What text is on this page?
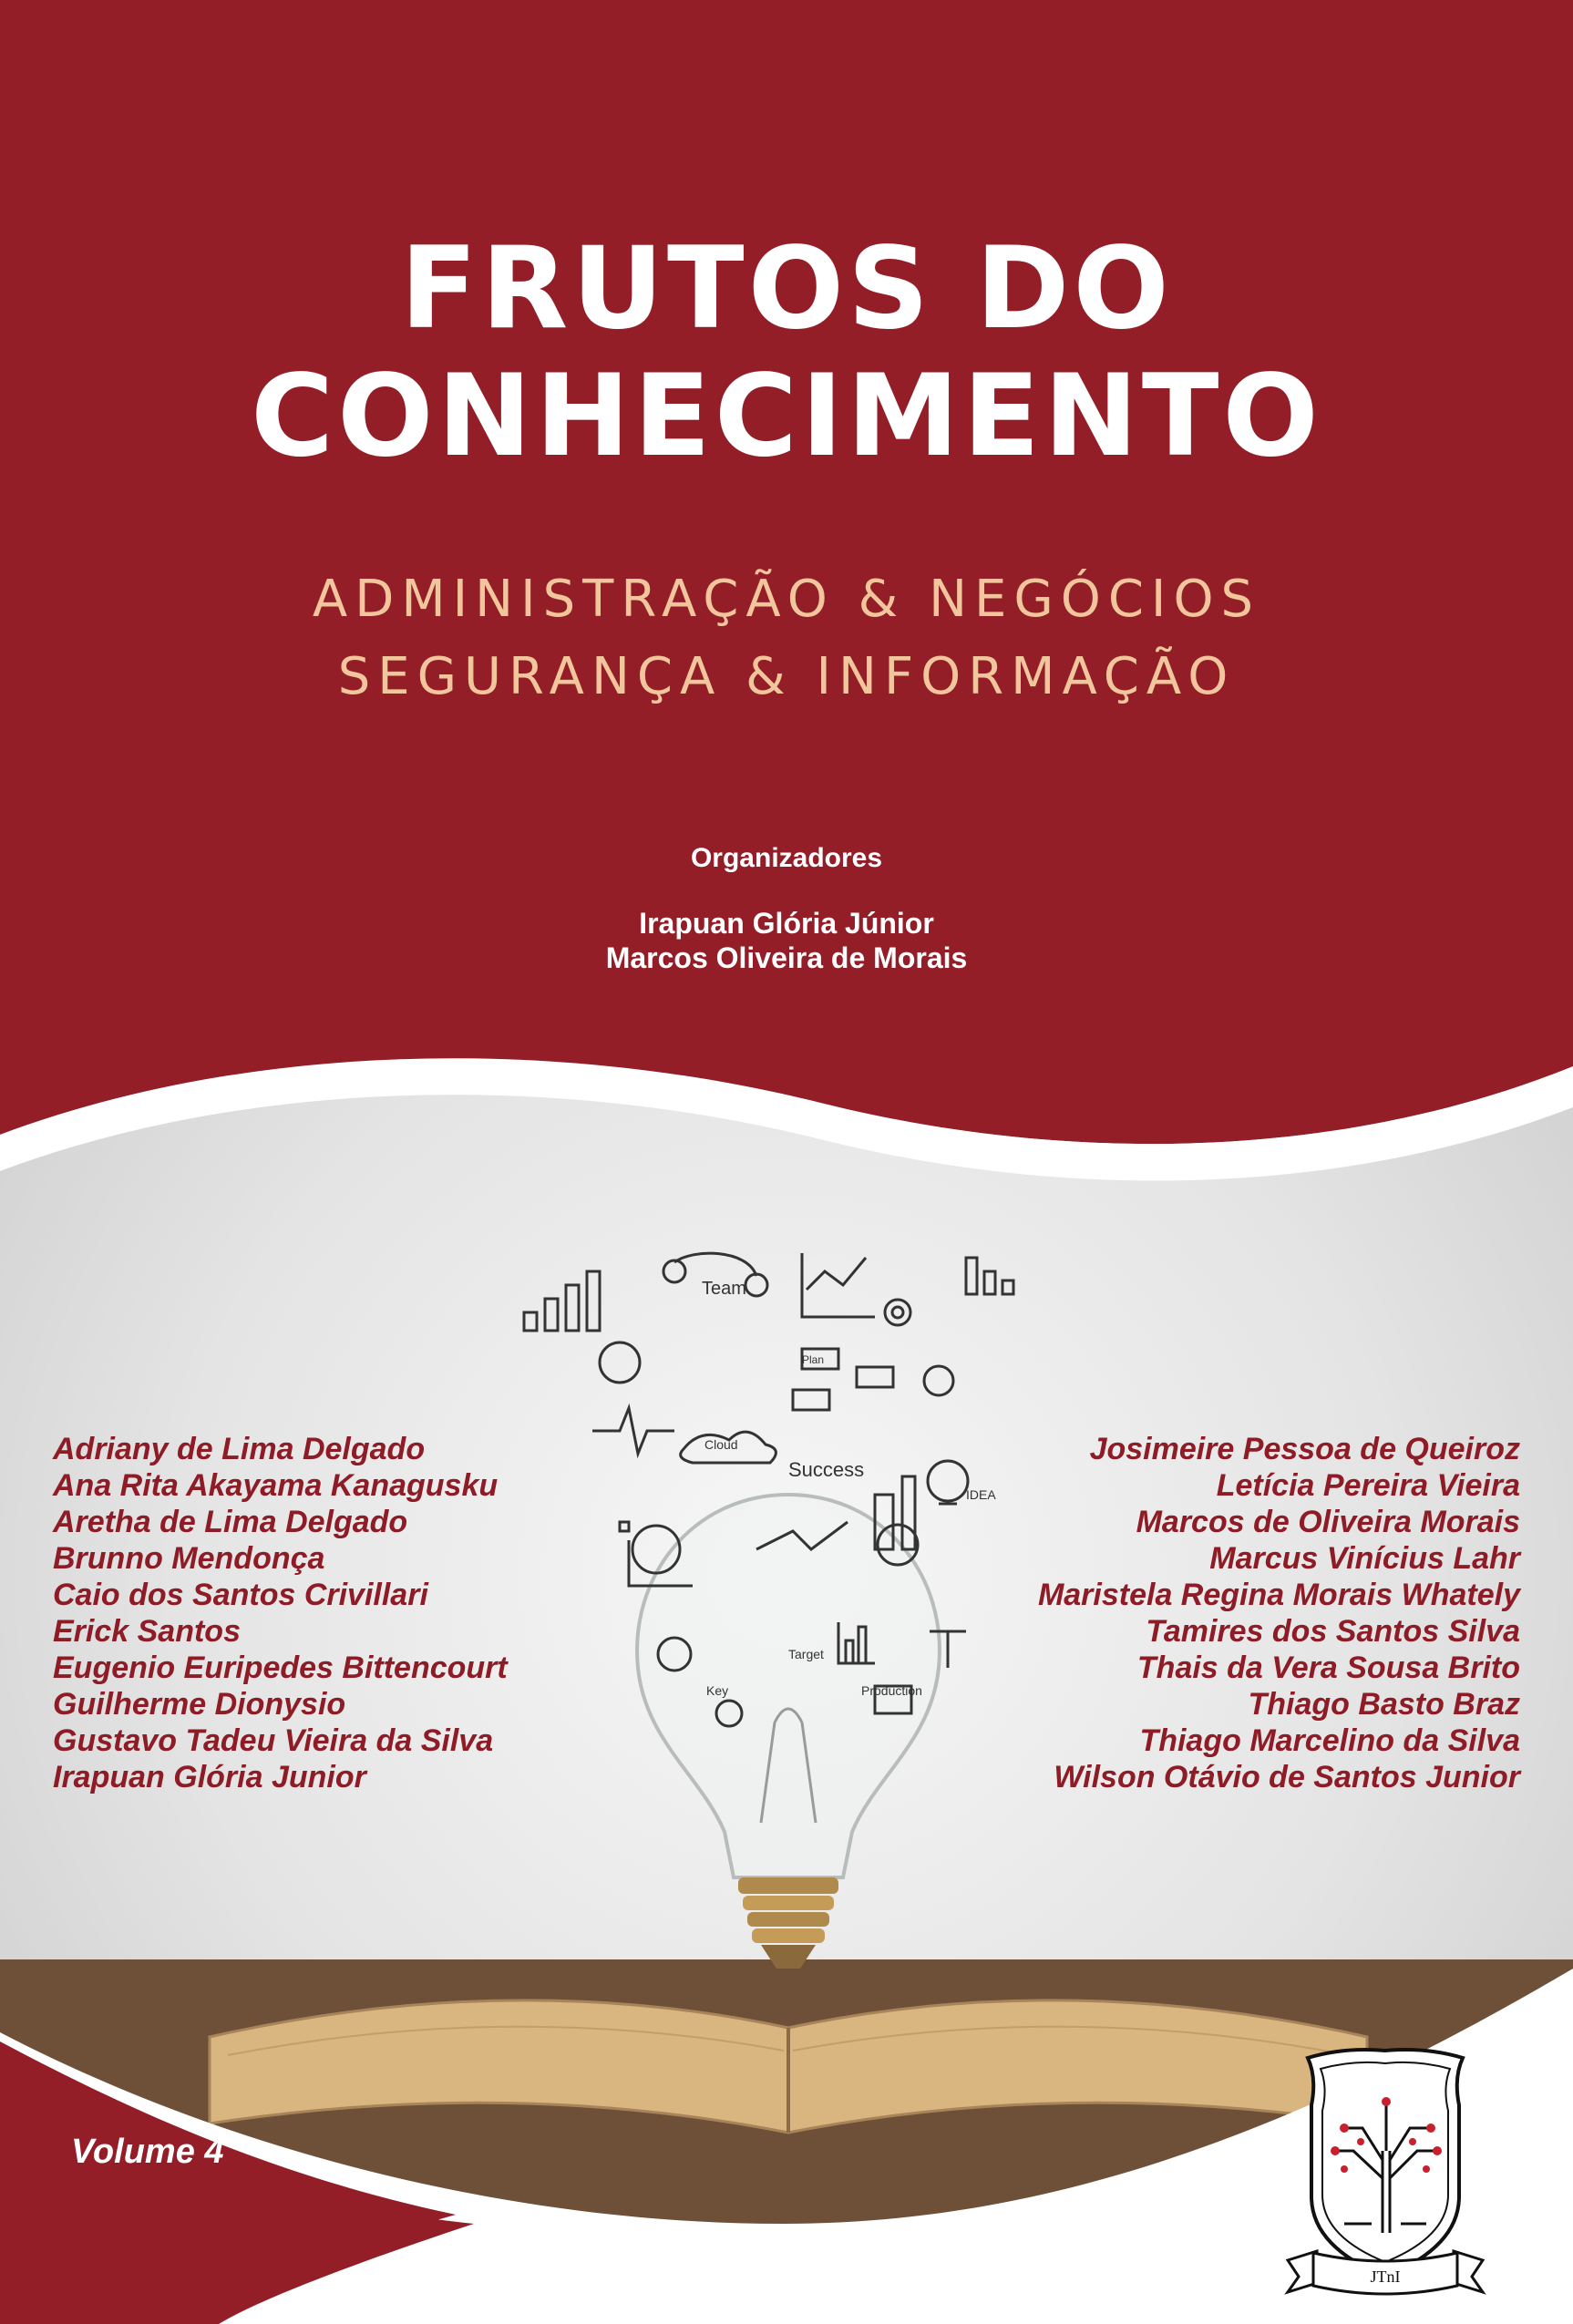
Team
Cloud
Success
Plan
Target
Production
IDEA
Key
FRUTOS DO
CONHECIMENTO
ADMINISTRAÇÃO & NEGÓCIOS
SEGURANÇA & INFORMAÇÃO
Organizadores
Irapuan Glória Júnior
Marcos Oliveira de Morais
Adriany de Lima Delgado
Ana Rita Akayama Kanagusku
Aretha de Lima Delgado
Brunno Mendonça
Caio dos Santos Crivillari
Erick Santos
Eugenio Euripedes Bittencourt
Guilherme Dionysio
Gustavo Tadeu Vieira da Silva
Irapuan Glória Junior
Josimeire Pessoa de Queiroz
Letícia Pereira Vieira
Marcos de Oliveira Morais
Marcus Vinícius Lahr
Maristela Regina Morais Whately
Tamires dos Santos Silva
Thais da Vera Sousa Brito
Thiago Basto Braz
Thiago Marcelino da Silva
Wilson Otávio de Santos Junior
Volume 4
JTnI
